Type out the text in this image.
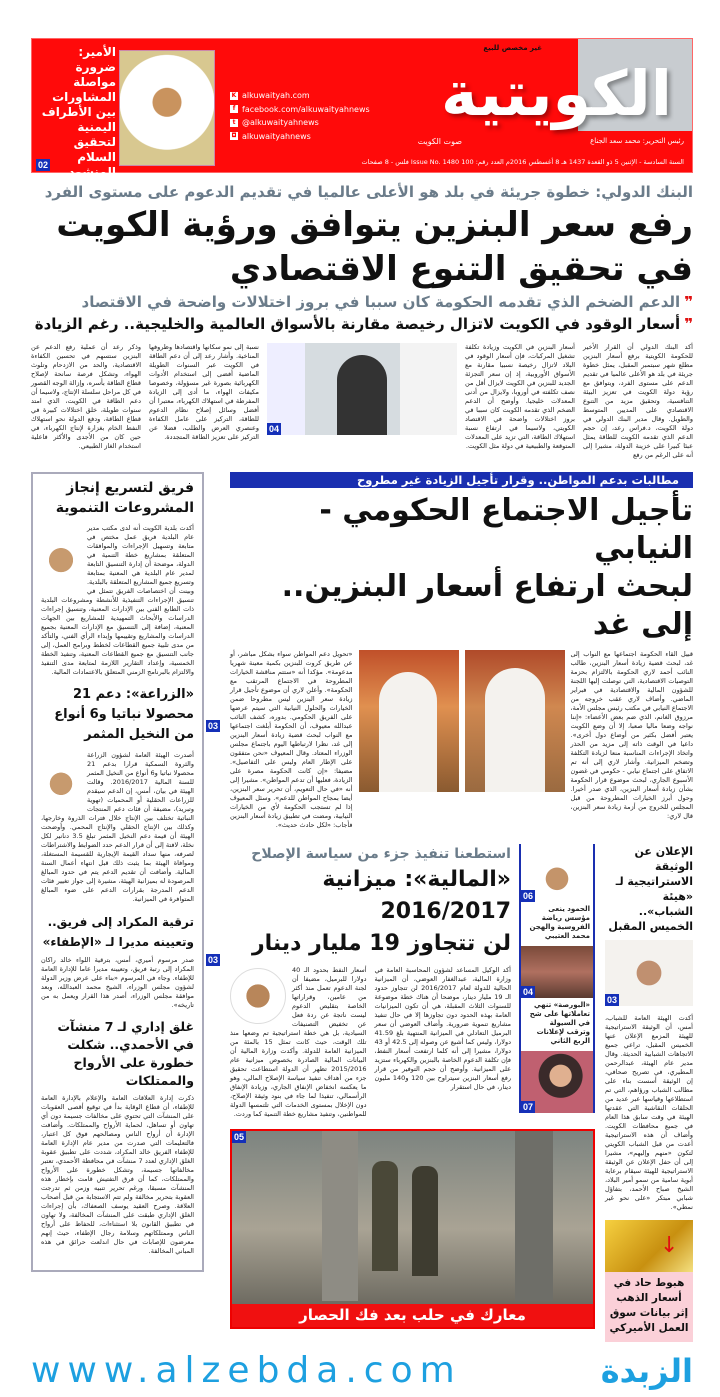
الكويتية
غير مخصص للبيع
صوت الكويت	رئيس التحرير: محمد سعد الجناع
السنة السادسة - الإثنين 5 ذو القعدة 1437 هـ 8 أغسطس 2016م العدد رقم: Issue No. 1480 100 فلس - 8 صفحات
K alkuwaityah.com
f facebook.com/alkuwaityahnews
t @alkuwaityahnews
◘ alkuwaityahnews
الأمير: ضرورة مواصلة المشاورات بين الأطراف اليمنية لتحقيق السلام المنشود
02
البنك الدولي: خطوة جريئة في بلد هو الأعلى عالميا في تقديم الدعوم على مستوى الفرد
رفع سعر البنزين يتوافق ورؤية الكويت في تحقيق التنوع الاقتصادي
❞الدعم الضخم الذي تقدمه الحكومة كان سببا في بروز اختلالات واضحة في الاقتصاد
❞أسعار الوقود في الكويت لاتزال رخيصة مقارنة بالأسواق العالمية والخليجية.. رغم الزيادة
أكد البنك الدولي أن القرار الأخير للحكومة الكويتية برفع أسعار البنزين مطلع شهر سبتمبر المقبل، يمثل خطوة جريئة في بلد هو الأعلى عالميا في تقديم الدعم على مستوى الفرد، ويتوافق مع رؤية دولة الكويت في تعزيز البيئة التنافسية، وتحقيق مزيد من التنوع الاقتصادي على المديين المتوسط والطويل. وقال مدير البنك الدولي في دولة الكويت، د.فراس رعد، إن حجم الدعم الذي تقدمه الكويت للطاقة يمثل عبئا كبيرا على خزينة الدولة، مشيرا إلى أنه على الرغم من رفع
أسعار البنزين في الكويت وزيادة تكلفة تشغيل المركبات، فإن أسعار الوقود في البلاد لاتزال رخيصة نسبيا مقارنة مع الأسواق الأوروبية، إذ إن سعر التجزئة الجديد للبنزين في الكويت لايزال أقل من نصف تكلفته في أوروبا، ولايزال من أدنى المعدلات خليجيا. وأوضح أن الدعم الضخم الذي تقدمه الكويت كان سببا في بروز اختلالات واضحة في الاقتصاد الكويتي، ولاسيما في ارتفاع نسبة استهلاك الطاقة، التي تزيد على المعدلات المتوقعة والطبيعية في دولة مثل الكويت.
04
نسبة إلى نمو سكانها واقتصادها وظروفها المناخية. وأشار رعد إلى أن دعم الطاقة في الكويت عبر السنوات الطويلة الماضية أفضى إلى استخدام الأدوات الكهربائية بصورة غير مسؤولة، وخصوصا مكيفات الهواء، ما أدى إلى الزيادة المفرطة في استهلاك الكهرباء، معتبرا أن أفضل وسائل إصلاح نظام الدعوم للطاقة، التركيز على عامل الكفاءة وعنصري العرض والطلب، فضلا عن التركيز على تعزيز الطاقة المتجددة.
وذكر رعد أن عملية رفع الدعم عن البنزين ستسهم في تحسين الكفاءة الاقتصادية، والحد من الازدحام وتلوث الهواء، وتشكل فرصة سانحة لإصلاح قطاع الطاقة بأسره، وإزالة الوجه القصور في كل مراحل سلسلة الإنتاج، ولاسيما أن دعم الطاقة في الكويت، الذي امتد سنوات طويلة، خلق اختلالات كبيرة في قطاع الطاقة، ودفع الدولة نحو استهلاك النفط الخام بغزارة لإنتاج الكهرباء، في حين كان من الأجدى والأكثر فاعلية استخدام الغاز الطبيعي.
مطالبات بدعم المواطن.. وقرار تأجيل الزيادة غير مطروح
تأجيل الاجتماع الحكومي - النيابي
لبحث ارتفاع أسعار البنزين.. إلى غد
03
قبيل القاء الحكومة اجتماعها مع النواب إلى غد، لبحث قضية زيادة أسعار البنزين، طالب النائب أحمد لاري الحكومة بالالتزام بحزمة التوصيات الاقتصادية، التي توصلت إليها اللجنة للشؤون المالية والاقتصادية في فبراير الماضي. وأضاف لاري عقب خروجه من الاجتماع النيابي في مكتب رئيس مجلس الأمة، مرزوق الغانم، الذي ضم بعض الأعضاء: «إننا نواجه وضعا ماليا صعبا، إلا أن وضع الكويت يعتبر أفضل بكثير من أوضاع دول أخرى». داعيا في الوقت ذاته إلى مزيد من الحذر واتخاذ الإجراءات المناسبة منعا لزيادة التكلفة وتضخم الميزانية. وأشار لاري إلى أنه تم الاتفاق على اجتماع نيابي - حكومي في غضون الأسبوع الجاري، لبحث موضوع قرار الحكومة بشأن زيادة أسعار البنزين، الذي صدر أخيرا. وحول أبرز الخيارات المطروحة من قبل المجلس للخروج من أزمة زيادة سعر البنزين، قال لاري:
«تحويل دعم المواطن سواء بشكل مباشر، أو عن طريق كروت للبنزين بكمية معينة شهريا مدعومة». مؤكدا أنه «ستتم مناقشة الخيارات المطروحة في الاجتماع المرتقب مع الحكومة». وأعلن لاري أن موضوع تأجيل قرار زيادة سعر البنزين ليس مطروحا ضمن الخيارات والحلول النيابية التي سيتم عرضها على الفريق الحكومي. بدوره، كشف النائب عبدالله معيوف، أن الحكومة أبلغت اجتماعها مع النواب لبحث قضية زيادة أسعار البنزين إلى غد، نظرا لارتباطها اليوم باجتماع مجلس الوزراء المعتاد. وقال المعيوف «نحن متفقون على الإطار العام وليس على التفاصيل». مضيفا: «إن كانت الحكومة مصرة على الزيادة، فعليها أن تدعم المواطن». مشيرا إلى أنه «في حال التعويم، أن تحرير سعر البنزين، أيضا بمجاح المواطن للدعم». وسئل المعيوف إذا لم تستجب الحكومة لأي من الخيارات النيابية، ومضت في تطبيق زيادة أسعار البنزين فأجاب: «لكل حادث حديث».
الإعلان عن الوثيقة الاستراتيجية لـ «هيئة الشباب».. الخميس المقبل
03
أكدت الهيئة العامة للشباب، أمس، أن الوثيقة الاستراتيجية للهيئة المزمع الإعلان عنها الخميس المقبل، تراعي جميع الاتجاهات الشبابية الحديثة. وقال مدير عام الهيئة، عبدالرحمن المطيري، في تصريح صحافي، إن الوثيقة أسست بناء على مطالب الشباب ورؤاهم، التي تم استطلاعها وقياسها عبر عديد من الحلقات النقاشية التي عقدتها الهيئة في وقت سابق هذا العام في جميع محافظات الكويت. وأضاف أن هذه الاستراتيجية أعدت من قبل الشباب الكويتي لتكون «منهم وإليهم»، مشيرا إلى أن حفل الإعلان عن الوثيقة الاستراتيجية للهيئة سيقام برعاية أبوية سامية من سمو أمير البلاد، الشيخ صباح الأحمد، بتفاؤل شبابي مبتكر «على نحو غير نمطي».
↓
هبوط حاد في أسعار الذهب إثر بيانات سوق العمل الأميركي
03
06
الحمود ينعى مؤسس رياضة الفروسية والهجن محمد العتيبي
04
«البورصة» تنهي تعاملاتها على شح في السيولة وترقب لإعلانات الربع الثاني
07
استطعنا تنفيذ جزء من سياسة الإصلاح
«المالية»: ميزانية 2016/2017
لن تتجاوز 19 مليار دينار
أكد الوكيل المساعد لشؤون المحاسبة العامة في وزارة المالية، عبدالغفار العوضي، أن الميزانية الحالية للدولة لعام 2016/2017 لن تتجاوز حدود الـ 19 مليار دينار، موضحا أن هناك خطة موضوعة للسنوات الثلاث المقبلة، هي أن تكون الميزانيات العامة بهذه الحدود دون تجاوزها إلا في حال تنفيذ مشاريع تنموية ضرورية. وأضاف العوضي أن سعر البرميل التعادلي في الميزانية المنتهية بلغ 41.59 دولارا، وليس كما أشيع عن وصوله إلى 42.5 أو 43 دولارا، مشيرا إلى أنه كلما ارتفعت أسعار النفط، فإن تكلفة الدعوم الخاصة بالبنزين والكهرباء ستزيد على الميزانية. وأوضح أن حجم التوفير من قرار رفع أسعار البنزين سيتراوح بين 120 و140 مليون دينار، في حال استقرار
أسعار النفط بحدود الـ 40 دولارا للبرميل، مضيفا أن لجنة الدعوم تعمل منذ أكثر من عامين، وقراراتها الخاصة بتقليص الدعوم ليست ناتجة عن ردة فعل عن تخفيض التصنيفات السيادية، بل هي خطة استراتيجية تم وضعها منذ تلك الوقت، حيث كانت تمثل 15 بالمئة من الميزانية العامة للدولة. وأكدت وزارة المالية أن البيانات المالية الصادرة بخصوص ميزانية عام 2015/2016 تظهر أن الدولة استطاعت تحقيق جزء من أهداف تنفيذ سياسة الإصلاح المالي، وهو ما يعكسه انخفاض الإنفاق الجاري، وزيادة الإنفاق الرأسمالي، تنفيذا لما جاء في بنود وثيقة الإصلاح، دون الإخلال بمستوى الخدمات التي تلتمسها الدولة للمواطنين، وتنفيذ مشاريع خطة التنمية كما وردت.
05
معارك في حلب بعد فك الحصار
فريق لتسريع إنجاز المشروعات التنموية
أكدت بلدية الكويت أنه لدى مكتب مدير عام البلدية فريق عمل مختص في متابعة وتسهيل الإجراءات والموافقات المتعلقة بمشاريع خطة التنمية في الدولة، موضحة أن إدارة التنسيق التابعة لمدير عام البلدية هي المعنية بمتابعة وتسريع جميع المشاريع المتعلقة بالبلدية. وبينت أن اختصاصات الفريق تتمثل في تنسيق الإجراءات التنفيذية للأنشطة ومشروعات البلدية ذات الطابع الفني بين الإدارات المعنية، وتنسيق إجراءات الدراسات والأبحاث التمهيدية للمشاريع بين الجهات المعنية، إضافة إلى التنسيق مع الإدارات المعنية بجميع الدراسات والمشاريع وتقييمها وإبداء الرأي الفني، والتأكد من مدى تلبية جميع القطاعات لخطط وبرامج العمل، إلى جانب التنسيق مع جميع القطاعات المعنية، وتنفيذ الخطة الخمسية، وإعداد التقارير اللازمة لمتابعة مدى التنفيذ والالتزام بالبرنامج الزمني المتعلق بالاعتمادات المالية.
«الزراعة»: دعم 21 محصولا نباتيا و6 أنواع من النخيل المثمر
أصدرت الهيئة العامة لشؤون الزراعة والثروة السمكية قرارا بدعم 21 محصولا نباتيا و6 أنواع من النخيل المثمر للسنة المالية 2016/2017. وقالت الهيئة في بيان، أمس، إن الدعم سيقدم للزراعات الحقلية أو المحميات (تهوية وتبريد)، مضيفة أن فئات دعم المنتجات النباتية تختلف بين الإنتاج خلال فترات الذروة وخارجها، وكذلك بين الإنتاج الحقلي والإنتاج المحمي. وأوضحت الهيئة أن قيمة دعم النخيل المثمر تبلغ 3.5 دنانير لكل نخلة، لافتة إلى أن قرار الدعم حدد الضوابط والاشتراطات لصرفه، منها سداد القيمة الإيجارية للقسيمة المستغلة، وموافاة الهيئة بما يثبت ذلك قبل انتهاء أعمال السنة المالية. وأضافت أن تقديم الدعم يتم في حدود المبالغ المرصودة له بميزانية الهيئة، مشيرة إلى جواز تغيير فئات الدعم المدرجة بقرارات الدعم على ضوء المبالغ المتوافرة في الميزانية.
ترقية المكراد إلى فريق.. وتعيينه مديرا لـ «الإطفاء»
صدر مرسوم أميري، أمس، بترقية اللواء خالد راكان المكراد إلى رتبة فريق، وتعيينه مديرا عاما للإدارة العامة للإطفاء. وجاء في المرسوم «بناء على عرض وزير الدولة لشؤون مجلس الوزراء، الشيخ محمد العبدالله، وبعد موافقة مجلس الوزراء، أصدر هذا القرار ويعمل به من تاريخه».
غلق إداري لـ 7 منشآت في الأحمدي.. شكلت خطورة على الأرواح والممتلكات
ذكرت إدارة العلاقات العامة والإعلام بالإدارة العامة للإطفاء، أن قطاع الوقاية بدأ في توقيع أقصى العقوبات على المنشآت التي تحتوي على مخالفات جسيمة دون أي تهاون أو تساهل، لحماية الأرواح والممتلكات. وأضافت الإدارة أن أرواح الناس ومصالحهم فوق كل اعتبار، فالتعليمات التي صدرت من مدير عام الإدارة العامة للإطفاء الفريق خالد المكراد، شددت على تطبيق عقوبة الغلق الإداري لعدد 7 منشآت في محافظة الأحمدي، تعتبر مخالفاتها جسيمة، وتشكل خطورة على الأرواح والممتلكات، كما أن فرق التفتيش قامت بإخطار هذه المنشآت مسبقا، ورغم تحرير تنبيه وزمن ثم تدرجت العقوبة بتحرير مخالفة ولم تتم الاستجابة من قبل أصحاب العلاقة. وصرح العقيد يوسف الصعفاك، بأن إجراءات الغلق الإداري طبقت على المنشآت المخالفة، ولا تهاون في تطبيق القانون بلا استثناءات، للحفاظ على أرواح الناس وممتلكاتهم وسلامة رجال الإطفاء، حيث إنهم معرضون للإصابات في حال اندلعت حرائق في هذه المباني المخالفة.
www.alzebda.com	الزبدة
